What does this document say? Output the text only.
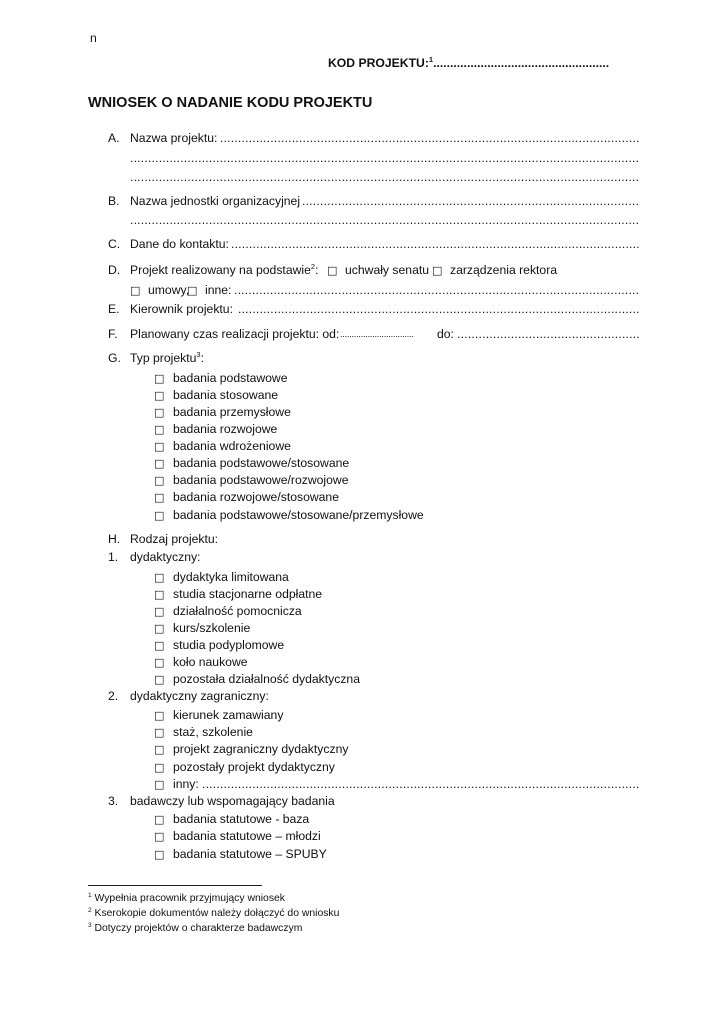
n
KOD PROJEKTU:$^1$....................................................
WNIOSEK O NADANIE KODU PROJEKTU
A. Nazwa projektu:
.....
.....
.....
B. Nazwa jednostki organizacyjnej
.....
.....
C. Dane do kontaktu:
.....
D. Projekt realizowany na podstawie$^2$: □ uchwały senatu □ zarządzenia rektora
□ umowy,
□ inne:
.....
E. Kierownik projektu:
.....
F. Planowany czas realizacji projektu: od: ................................ do:
.....
G. Typ projektu$^3$:
□ badania podstawowe
□ badania stosowane
□ badania przemysłowe
□ badania rozwojowe
□ badania wdrożeniowe
□ badania podstawowe/stosowane
□ badania podstawowe/rozwojowe
□ badania rozwojowe/stosowane
□ badania podstawowe/stosowane/przemysłowe
H. Rodzaj projektu:
1. dydaktyczny:
□ dydaktyka limitowana
□ studia stacjonarne odpłatne
□ działalność pomocnicza
□ kurs/szkolenie
□ studia podyplomowe
□ koło naukowe
□ pozostała działalność dydaktyczna
2. dydaktyczny zagraniczny:
□ kierunek zamawiany
□ staż, szkolenie
□ projekt zagraniczny dydaktyczny
□ pozostały projekt dydaktyczny
□ inny:
.....
3. badawczy lub wspomagający badania
□ badania statutowe - baza
□ badania statutowe – młodzi
□ badania statutowe – SPUBY
$^1$ Wypełnia pracownik przyjmujący wniosek
$^2$ Kserokopie dokumentów należy dołączyć do wniosku
$^3$ Dotyczy projektów o charakterze badawczym
